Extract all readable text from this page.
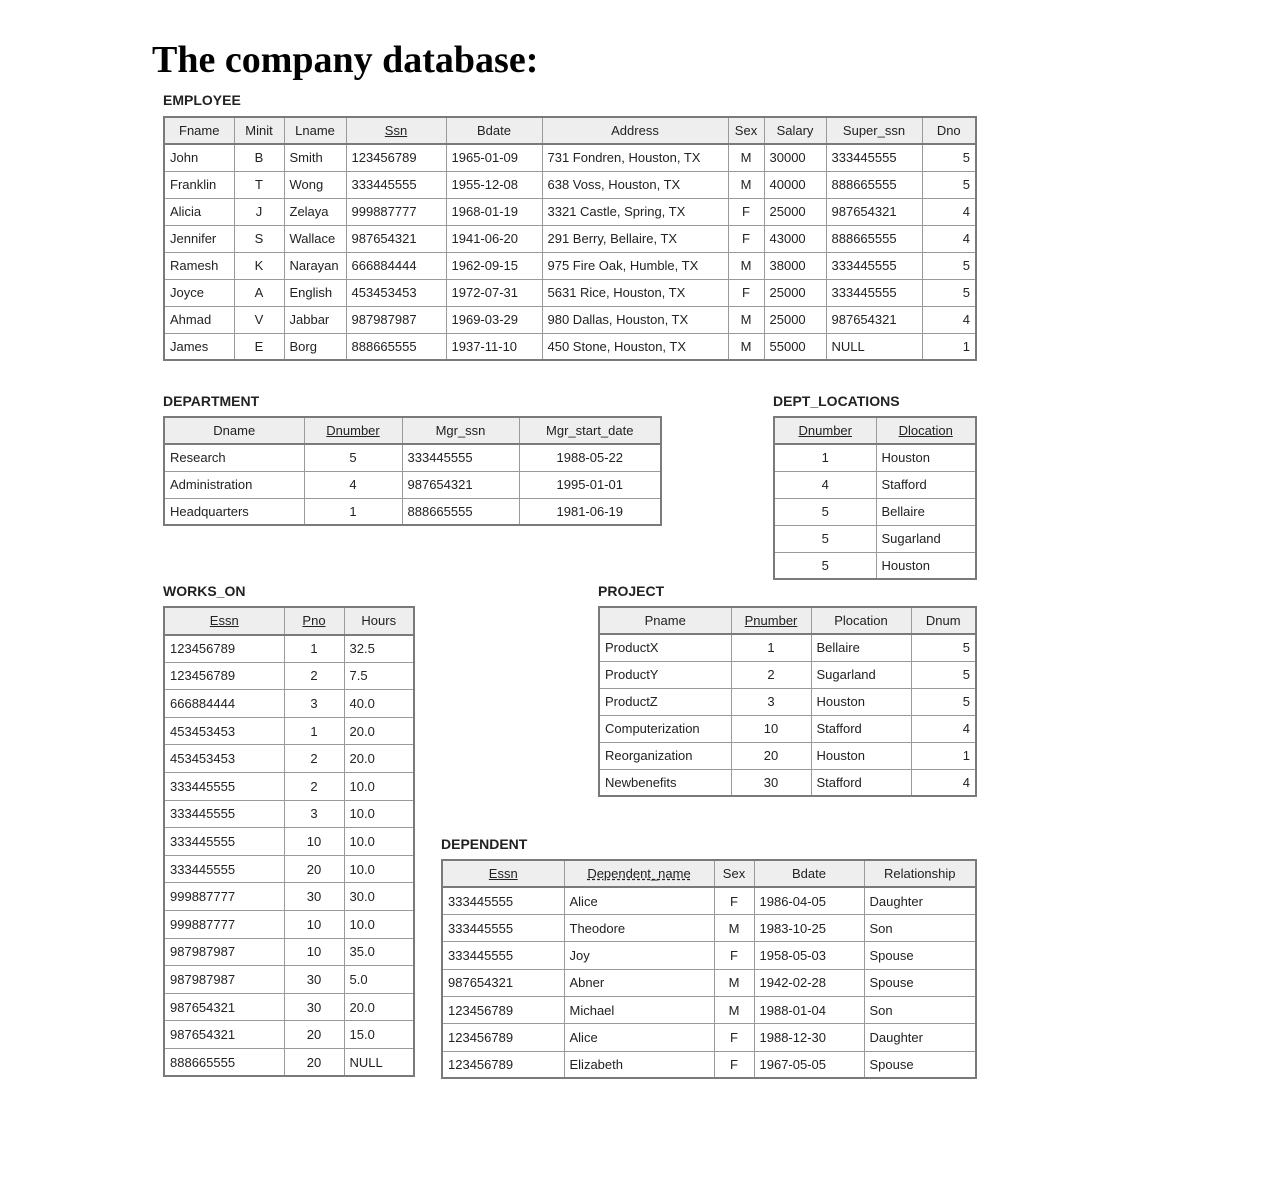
The company database:
EMPLOYEE
Fname	Minit	Lname	Ssn	Bdate	Address	Sex	Salary	Super_ssn	Dno
John	B	Smith	123456789	1965-01-09	731 Fondren, Houston, TX	M	30000	333445555	5
Franklin	T	Wong	333445555	1955-12-08	638 Voss, Houston, TX	M	40000	888665555	5
Alicia	J	Zelaya	999887777	1968-01-19	3321 Castle, Spring, TX	F	25000	987654321	4
Jennifer	S	Wallace	987654321	1941-06-20	291 Berry, Bellaire, TX	F	43000	888665555	4
Ramesh	K	Narayan	666884444	1962-09-15	975 Fire Oak, Humble, TX	M	38000	333445555	5
Joyce	A	English	453453453	1972-07-31	5631 Rice, Houston, TX	F	25000	333445555	5
Ahmad	V	Jabbar	987987987	1969-03-29	980 Dallas, Houston, TX	M	25000	987654321	4
James	E	Borg	888665555	1937-11-10	450 Stone, Houston, TX	M	55000	NULL	1
DEPARTMENT
Dname	Dnumber	Mgr_ssn	Mgr_start_date
Research	5	333445555	1988-05-22
Administration	4	987654321	1995-01-01
Headquarters	1	888665555	1981-06-19
DEPT_LOCATIONS
Dnumber	Dlocation
1	Houston
4	Stafford
5	Bellaire
5	Sugarland
5	Houston
WORKS_ON
Essn	Pno	Hours
123456789	1	32.5
123456789	2	7.5
666884444	3	40.0
453453453	1	20.0
453453453	2	20.0
333445555	2	10.0
333445555	3	10.0
333445555	10	10.0
333445555	20	10.0
999887777	30	30.0
999887777	10	10.0
987987987	10	35.0
987987987	30	5.0
987654321	30	20.0
987654321	20	15.0
888665555	20	NULL
PROJECT
Pname	Pnumber	Plocation	Dnum
ProductX	1	Bellaire	5
ProductY	2	Sugarland	5
ProductZ	3	Houston	5
Computerization	10	Stafford	4
Reorganization	20	Houston	1
Newbenefits	30	Stafford	4
DEPENDENT
Essn	Dependent_name	Sex	Bdate	Relationship
333445555	Alice	F	1986-04-05	Daughter
333445555	Theodore	M	1983-10-25	Son
333445555	Joy	F	1958-05-03	Spouse
987654321	Abner	M	1942-02-28	Spouse
123456789	Michael	M	1988-01-04	Son
123456789	Alice	F	1988-12-30	Daughter
123456789	Elizabeth	F	1967-05-05	Spouse
